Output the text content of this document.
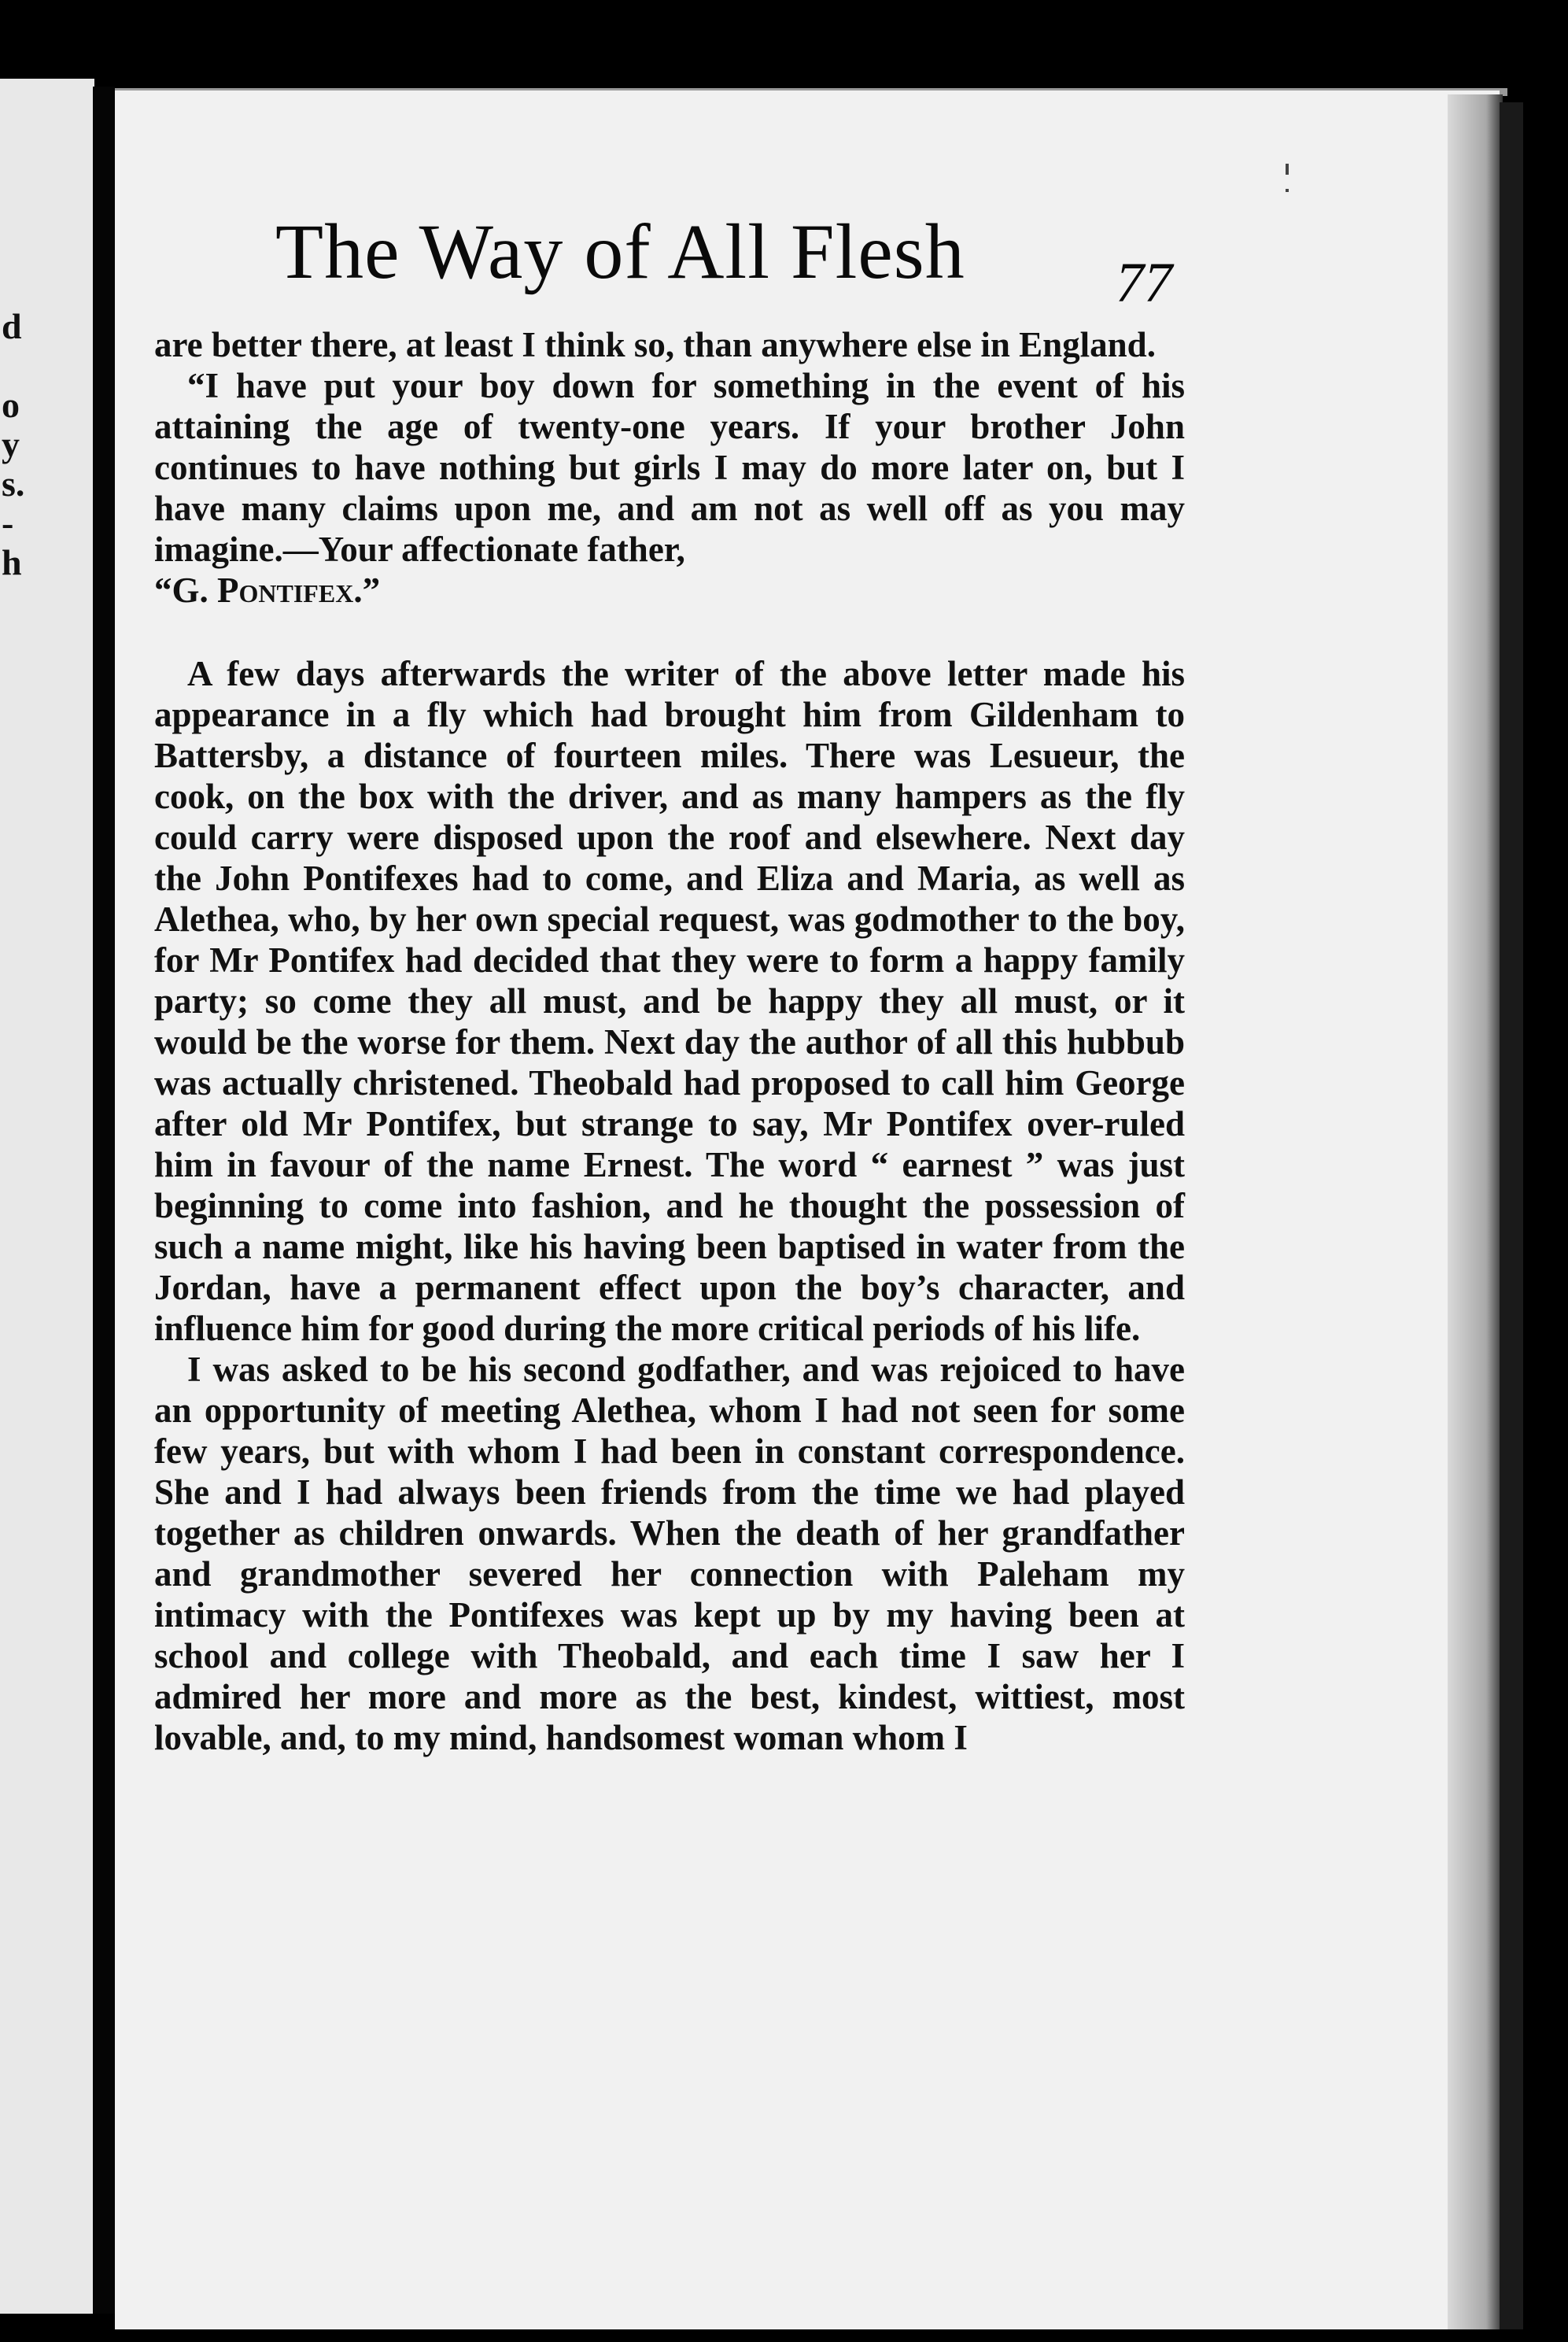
d

o
y
s.
-
h
The Way of All Flesh	77

are better there, at least I think so, than anywhere else in England.

“I have put your boy down for something in the event of his attaining the age of twenty-one years. If your brother John continues to have nothing but girls I may do more later on, but I have many claims upon me, and am not as well off as you may imagine.—Your affectionate father,

“G. Pontifex.”

A few days afterwards the writer of the above letter made his appearance in a fly which had brought him from Gildenham to Battersby, a distance of fourteen miles. There was Lesueur, the cook, on the box with the driver, and as many hampers as the fly could carry were disposed upon the roof and elsewhere. Next day the John Pontifexes had to come, and Eliza and Maria, as well as Alethea, who, by her own special request, was godmother to the boy, for Mr Pontifex had decided that they were to form a happy family party; so come they all must, and be happy they all must, or it would be the worse for them. Next day the author of all this hubbub was actually christened. Theobald had proposed to call him George after old Mr Pontifex, but strange to say, Mr Pontifex over-ruled him in favour of the name Ernest. The word “ earnest ” was just beginning to come into fashion, and he thought the possession of such a name might, like his having been baptised in water from the Jordan, have a permanent effect upon the boy’s character, and influence him for good during the more critical periods of his life.

I was asked to be his second godfather, and was rejoiced to have an opportunity of meeting Alethea, whom I had not seen for some few years, but with whom I had been in constant correspondence. She and I had always been friends from the time we had played together as children onwards. When the death of her grandfather and grandmother severed her connection with Paleham my intimacy with the Pontifexes was kept up by my having been at school and college with Theobald, and each time I saw her I admired her more and more as the best, kindest, wittiest, most lovable, and, to my mind, handsomest woman whom I
